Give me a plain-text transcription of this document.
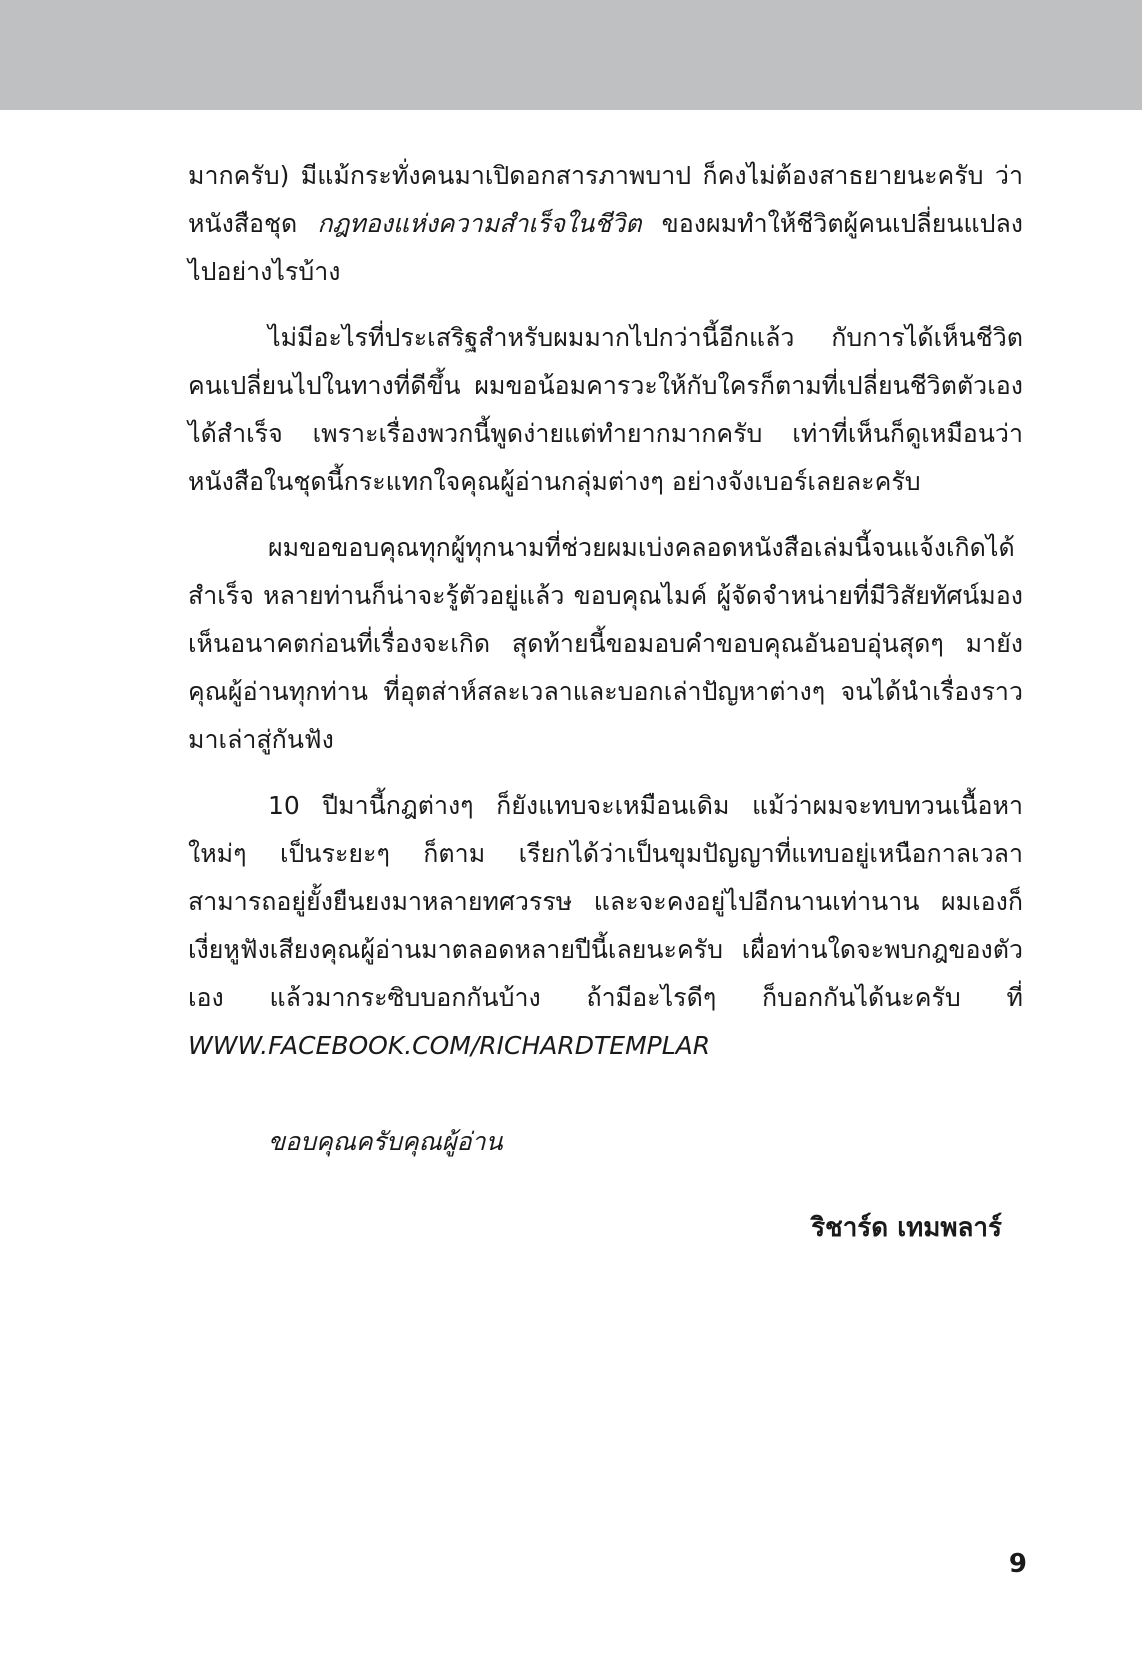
มากครับ) มีแม้กระทั่งคนมาเปิดอกสารภาพบาป ก็คงไม่ต้องสาธยายนะครับ ว่าหนังสือชุด กฎทองแห่งความสำเร็จในชีวิต ของผมทำให้ชีวิตผู้คนเปลี่ยนแปลงไปอย่างไรบ้าง

ไม่มีอะไรที่ประเสริฐสำหรับผมมากไปกว่านี้อีกแล้ว กับการได้เห็นชีวิตคนเปลี่ยนไปในทางที่ดีขึ้น ผมขอน้อมคารวะให้กับใครก็ตามที่เปลี่ยนชีวิตตัวเองได้สำเร็จ เพราะเรื่องพวกนี้พูดง่ายแต่ทำยากมากครับ เท่าที่เห็นก็ดูเหมือนว่าหนังสือในชุดนี้กระแทกใจคุณผู้อ่านกลุ่มต่างๆ อย่างจังเบอร์เลยละครับ

ผมขอขอบคุณทุกผู้ทุกนามที่ช่วยผมเบ่งคลอดหนังสือเล่มนี้จนแจ้งเกิดได้สำเร็จ หลายท่านก็น่าจะรู้ตัวอยู่แล้ว ขอบคุณไมค์ ผู้จัดจำหน่ายที่มีวิสัยทัศน์มองเห็นอนาคตก่อนที่เรื่องจะเกิด สุดท้ายนี้ขอมอบคำขอบคุณอันอบอุ่นสุดๆ มายังคุณผู้อ่านทุกท่าน ที่อุตส่าห์สละเวลาและบอกเล่าปัญหาต่างๆ จนได้นำเรื่องราวมาเล่าสู่กันฟัง

10 ปีมานี้กฎต่างๆ ก็ยังแทบจะเหมือนเดิม แม้ว่าผมจะทบทวนเนื้อหาใหม่ๆ เป็นระยะๆ ก็ตาม เรียกได้ว่าเป็นขุมปัญญาที่แทบอยู่เหนือกาลเวลา สามารถอยู่ยั้งยืนยงมาหลายทศวรรษ และจะคงอยู่ไปอีกนานเท่านาน ผมเองก็เงี่ยหูฟังเสียงคุณผู้อ่านมาตลอดหลายปีนี้เลยนะครับ เผื่อท่านใดจะพบกฎของตัวเอง แล้วมากระซิบบอกกันบ้าง ถ้ามีอะไรดีๆ ก็บอกกันได้นะครับ ที่ WWW.FACEBOOK.COM/RICHARDTEMPLAR

ขอบคุณครับคุณผู้อ่าน
ริชาร์ด เทมพลาร์
9
